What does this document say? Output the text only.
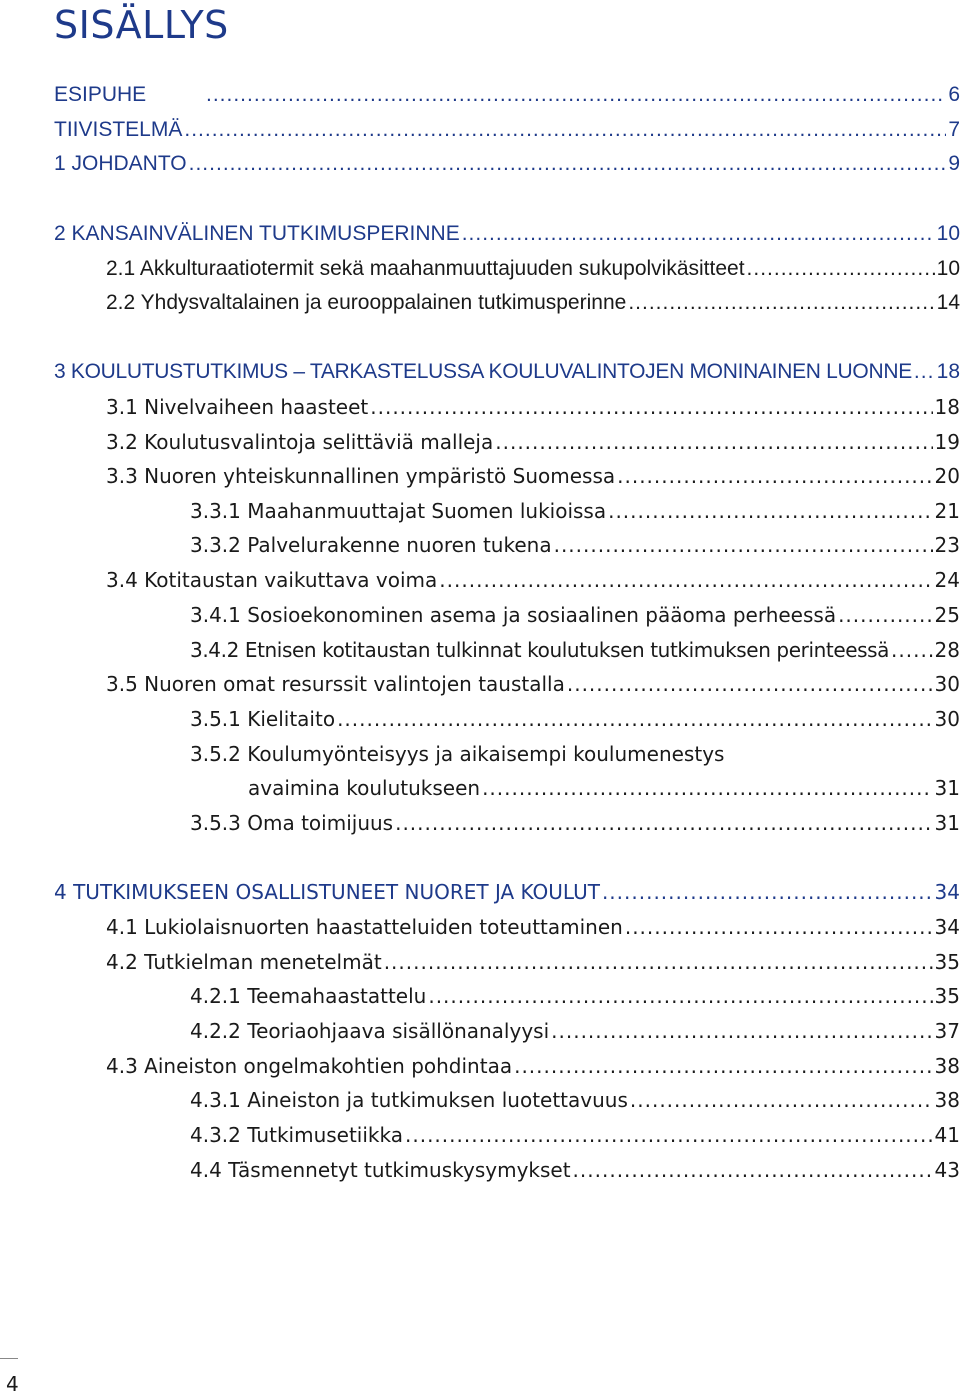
SISÄLLYS
ESIPUHE .....	6
TIIVISTELMÄ .....	7
1 JOHDANTO .....	9
2 KANSAINVÄLINEN TUTKIMUSPERINNE .....	10
2.1 Akkulturaatiotermit sekä maahanmuuttajuuden sukupolvikäsitteet .....	10
2.2 Yhdysvaltalainen ja eurooppalainen tutkimusperinne .....	14
3 KOULUTUSTUTKIMUS – TARKASTELUSSA KOULUVALINTOJEN MONINAINEN LUONNE ..... 18
3.1 Nivelvaiheen haasteet .....	18
3.2 Koulutusvalintoja selittäviä malleja .....	19
3.3 Nuoren yhteiskunnallinen ympäristö Suomessa .....	20
3.3.1 Maahanmuuttajat Suomen lukioissa .....	21
3.3.2 Palvelurakenne nuoren tukena .....	23
3.4 Kotitaustan vaikuttava voima .....	24
3.4.1 Sosioekonominen asema ja sosiaalinen pääoma perheessä .....	25
3.4.2 Etnisen kotitaustan tulkinnat koulutuksen tutkimuksen perinteessä ..... 28
3.5 Nuoren omat resurssit valintojen taustalla .....	30
3.5.1 Kielitaito .....	30
3.5.2 Koulumyönteisyys ja aikaisempi koulumenestys
avaimina koulutukseen .....	31
3.5.3 Oma toimijuus .....	31
4 TUTKIMUKSEEN OSALLISTUNEET NUORET JA KOULUT .....	34
4.1 Lukiolaisnuorten haastatteluiden toteuttaminen .....	34
4.2 Tutkielman menetelmät .....	35
4.2.1 Teemahaastattelu .....	35
4.2.2 Teoriaohjaava sisällönanalyysi .....	37
4.3 Aineiston ongelmakohtien pohdintaa .....	38
4.3.1 Aineiston ja tutkimuksen luotettavuus .....	38
4.3.2 Tutkimusetiikka .....	41
4.4 Täsmennetyt tutkimuskysymykset .....	43
4
